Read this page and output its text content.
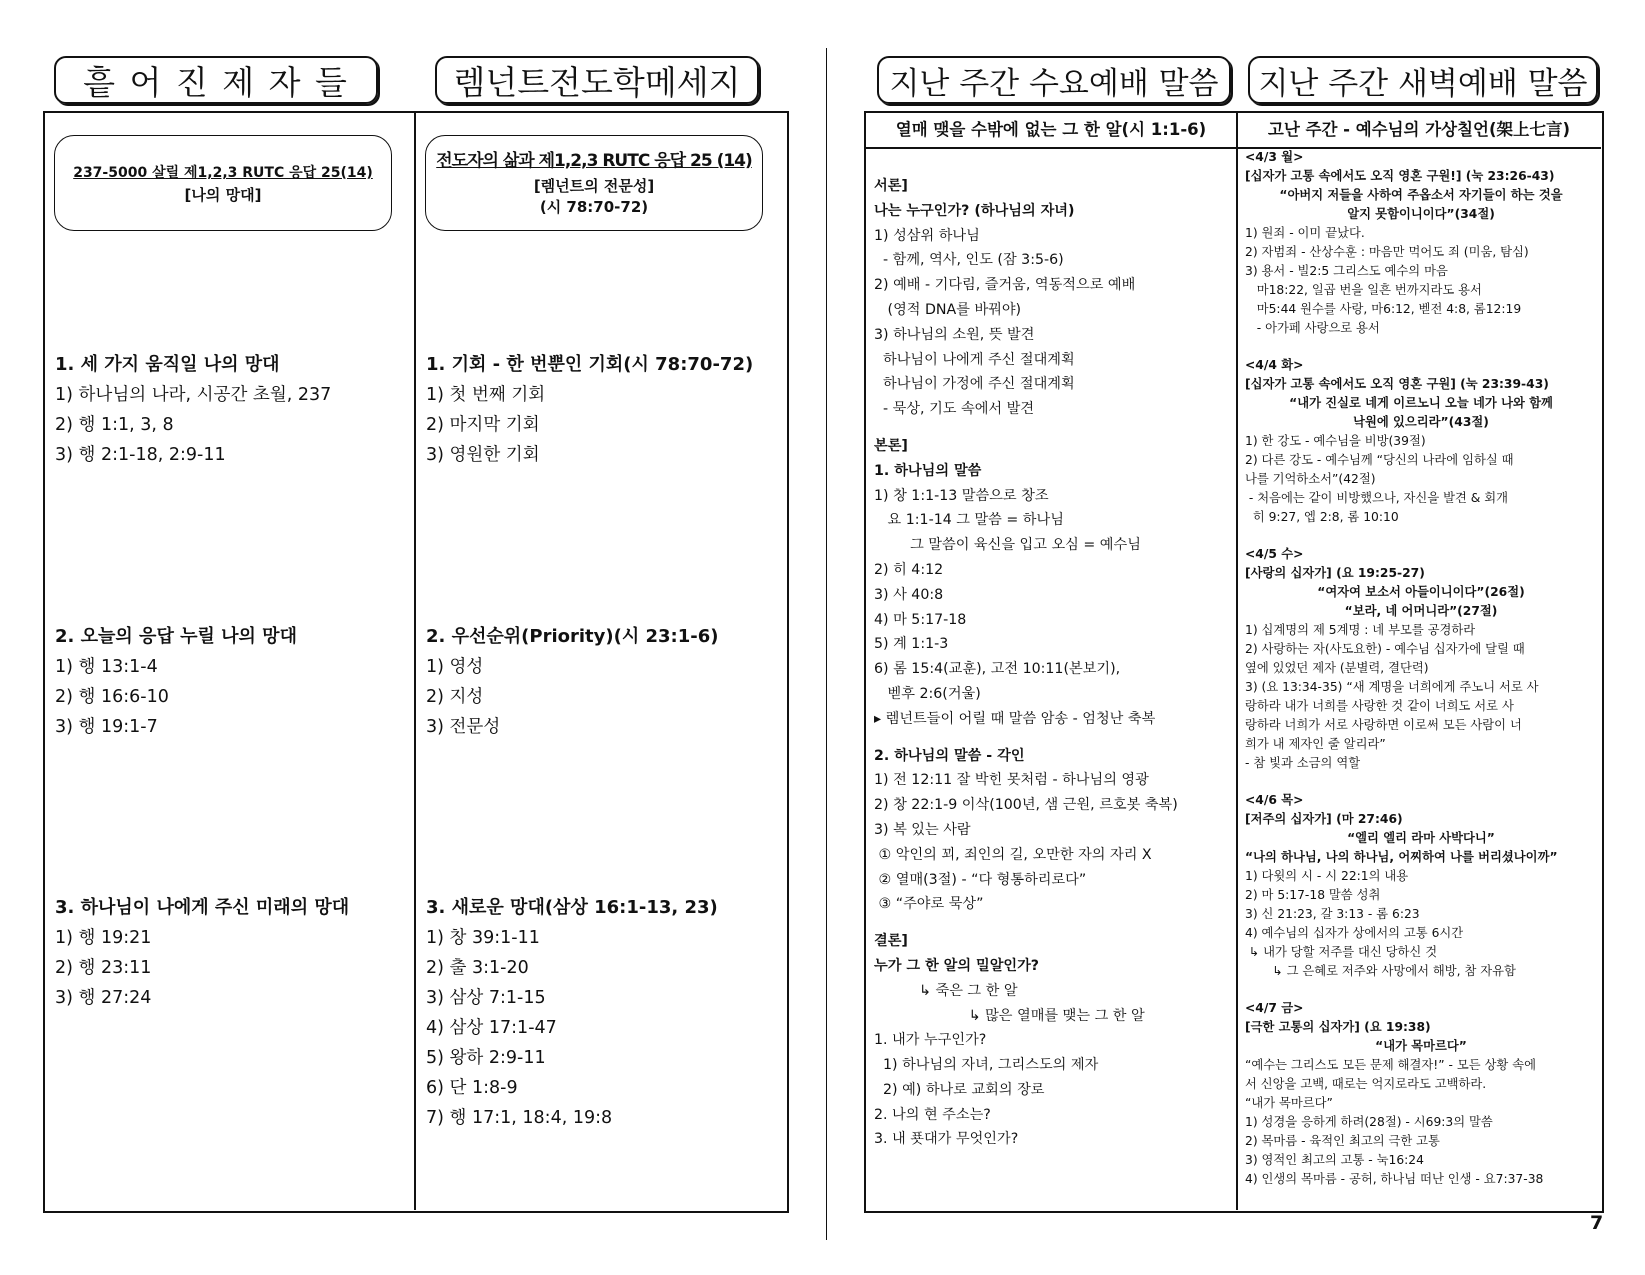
흩 어 진 제 자 들	렘넌트전도학메세지	지난 주간 수요예배 말씀	지난 주간 새벽예배 말씀
237-5000 살릴 제1,2,3 RUTC 응답 25(14)
[나의 망대]
전도자의 삶과 제1,2,3 RUTC 응답 25 (14)
[렘넌트의 전문성]
(시 78:70-72)
1. 세 가지 움직일 나의 망대
1) 하나님의 나라, 시공간 초월, 237
2) 행 1:1, 3, 8
3) 행 2:1-18, 2:9-11
2. 오늘의 응답 누릴 나의 망대
1) 행 13:1-4
2) 행 16:6-10
3) 행 19:1-7
3. 하나님이 나에게 주신 미래의 망대
1) 행 19:21
2) 행 23:11
3) 행 27:24
1. 기회 - 한 번뿐인 기회(시 78:70-72)
1) 첫 번째 기회
2) 마지막 기회
3) 영원한 기회
2. 우선순위(Priority)(시 23:1-6)
1) 영성
2) 지성
3) 전문성
3. 새로운 망대(삼상 16:1-13, 23)
1) 창 39:1-11
2) 출 3:1-20
3) 삼상 7:1-15
4) 삼상 17:1-47
5) 왕하 2:9-11
6) 단 1:8-9
7) 행 17:1, 18:4, 19:8
열매 맺을 수밖에 없는 그 한 알(시 1:1-6)	고난 주간 - 예수님의 가상칠언(架上七言)
서론]
나는 누구인가? (하나님의 자녀)
1) 성삼위 하나님
- 함께, 역사, 인도 (잠 3:5-6)
2) 예배 - 기다림, 즐거움, 역동적으로 예배
(영적 DNA를 바꿔야)
3) 하나님의 소원, 뜻 발견
하나님이 나에게 주신 절대계획
하나님이 가정에 주신 절대계획
- 묵상, 기도 속에서 발견
본론]
1. 하나님의 말씀
1) 창 1:1-13 말씀으로 창조
요 1:1-14 그 말씀 = 하나님
그 말씀이 육신을 입고 오심 = 예수님
2) 히 4:12
3) 사 40:8
4) 마 5:17-18
5) 계 1:1-3
6) 롬 15:4(교훈), 고전 10:11(본보기),
벧후 2:6(거울)
▸ 렘넌트들이 어릴 때 말씀 암송 - 엄청난 축복
2. 하나님의 말씀 - 각인
1) 전 12:11 잘 박힌 못처럼 - 하나님의 영광
2) 창 22:1-9 이삭(100년, 샘 근원, 르호봇 축복)
3) 복 있는 사람
① 악인의 꾀, 죄인의 길, 오만한 자의 자리 X
② 열매(3절) - “다 형통하리로다”
③ “주야로 묵상”
결론]
누가 그 한 알의 밀알인가?
↳ 죽은 그 한 알
↳ 많은 열매를 맺는 그 한 알
1. 내가 누구인가?
1) 하나님의 자녀, 그리스도의 제자
2) 예) 하나로 교회의 장로
2. 나의 현 주소는?
3. 내 푯대가 무엇인가?
<4/3 월>
[십자가 고통 속에서도 오직 영혼 구원!] (눅 23:26-43)
“아버지 저들을 사하여 주옵소서 자기들이 하는 것을
알지 못함이니이다”(34절)
1) 원죄 - 이미 끝났다.
2) 자범죄 - 산상수훈 : 마음만 먹어도 죄 (미움, 탐심)
3) 용서 - 빌2:5 그리스도 예수의 마음
마18:22, 일곱 번을 일흔 번까지라도 용서
마5:44 원수를 사랑, 마6:12, 벧전 4:8, 롬12:19
- 아가페 사랑으로 용서
<4/4 화>
[십자가 고통 속에서도 오직 영혼 구원] (눅 23:39-43)
“내가 진실로 네게 이르노니 오늘 네가 나와 함께
낙원에 있으리라”(43절)
1) 한 강도 - 예수님을 비방(39절)
2) 다른 강도 - 예수님께 “당신의 나라에 임하실 때
나를 기억하소서”(42절)
- 처음에는 같이 비방했으나, 자신을 발견 & 회개
히 9:27, 엡 2:8, 롬 10:10
<4/5 수>
[사랑의 십자가] (요 19:25-27)
“여자여 보소서 아들이니이다”(26절)
“보라, 네 어머니라”(27절)
1) 십계명의 제 5계명 : 네 부모를 공경하라
2) 사랑하는 자(사도요한) - 예수님 십자가에 달릴 때
옆에 있었던 제자 (분별력, 결단력)
3) (요 13:34-35) “새 계명을 너희에게 주노니 서로 사
랑하라 내가 너희를 사랑한 것 같이 너희도 서로 사
랑하라 너희가 서로 사랑하면 이로써 모든 사람이 너
희가 내 제자인 줄 알리라”
- 참 빛과 소금의 역할
<4/6 목>
[저주의 십자가] (마 27:46)
“엘리 엘리 라마 사박다니”
“나의 하나님, 나의 하나님, 어찌하여 나를 버리셨나이까”
1) 다윗의 시 - 시 22:1의 내용
2) 마 5:17-18 말씀 성취
3) 신 21:23, 갈 3:13 - 롬 6:23
4) 예수님의 십자가 상에서의 고통 6시간
↳ 내가 당할 저주를 대신 당하신 것
↳ 그 은혜로 저주와 사망에서 해방, 참 자유함
<4/7 금>
[극한 고통의 십자가] (요 19:38)
“내가 목마르다”
“예수는 그리스도 모든 문제 해결자!” - 모든 상황 속에
서 신앙을 고백, 때로는 억지로라도 고백하라.
“내가 목마르다”
1) 성경을 응하게 하려(28절) - 시69:3의 말씀
2) 목마름 - 육적인 최고의 극한 고통
3) 영적인 최고의 고통 - 눅16:24
4) 인생의 목마름 - 공허, 하나님 떠난 인생 - 요7:37-38
7
